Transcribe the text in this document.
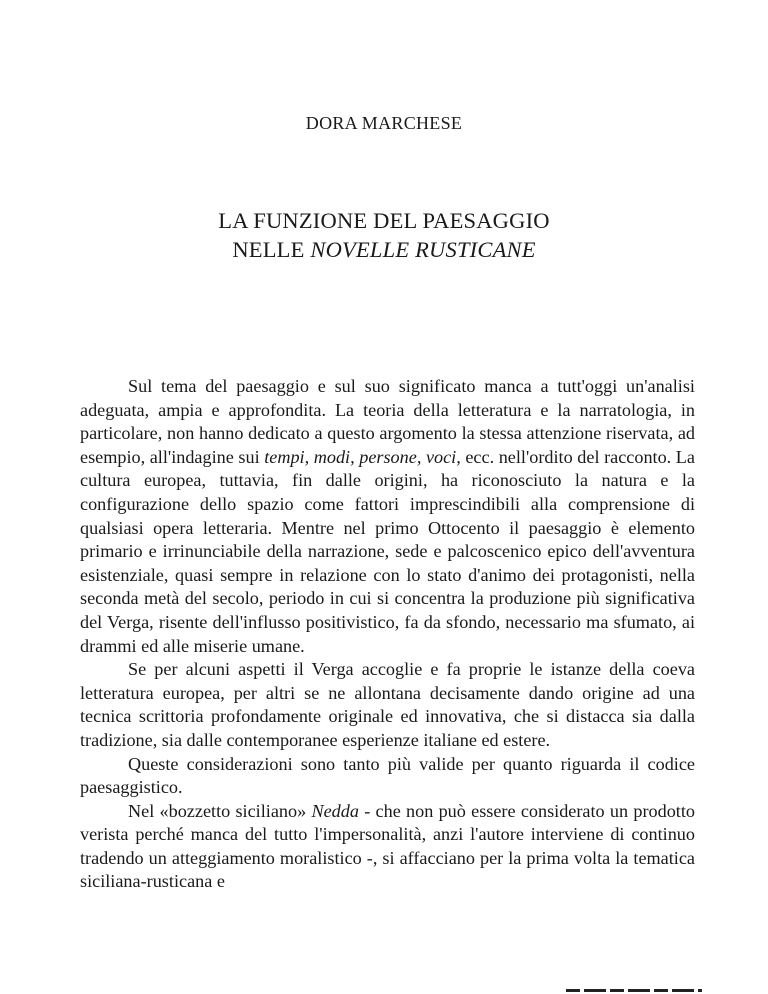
DORA MARCHESE
LA FUNZIONE DEL PAESAGGIO
NELLE NOVELLE RUSTICANE

Sul tema del paesaggio e sul suo significato manca a tutt'oggi un'analisi adeguata, ampia e approfondita. La teoria della letteratura e la narratologia, in particolare, non hanno dedicato a questo argomento la stessa attenzione riservata, ad esempio, all'indagine sui tempi, modi, persone, voci, ecc. nell'ordito del racconto. La cultura europea, tuttavia, fin dalle origini, ha riconosciuto la natura e la configurazione dello spazio come fattori imprescindibili alla comprensione di qualsiasi opera letteraria. Mentre nel primo Ottocento il paesaggio è elemento primario e irrinunciabile della narrazione, sede e palcoscenico epico dell'avventura esistenziale, quasi sempre in relazione con lo stato d'animo dei protagonisti, nella seconda metà del secolo, periodo in cui si concentra la produzione più significativa del Verga, risente dell'influsso positivistico, fa da sfondo, necessario ma sfumato, ai drammi ed alle miserie umane.

Se per alcuni aspetti il Verga accoglie e fa proprie le istanze della coeva letteratura europea, per altri se ne allontana decisamente dando origine ad una tecnica scrittoria profondamente originale ed innovativa, che si distacca sia dalla tradizione, sia dalle contemporanee esperienze italiane ed estere.

Queste considerazioni sono tanto più valide per quanto riguarda il codice paesaggistico.

Nel «bozzetto siciliano» Nedda - che non può essere considerato un prodotto verista perché manca del tutto l'impersonalità, anzi l'autore interviene di continuo tradendo un atteggiamento moralistico -, si affacciano per la prima volta la tematica siciliana-rusticana e
